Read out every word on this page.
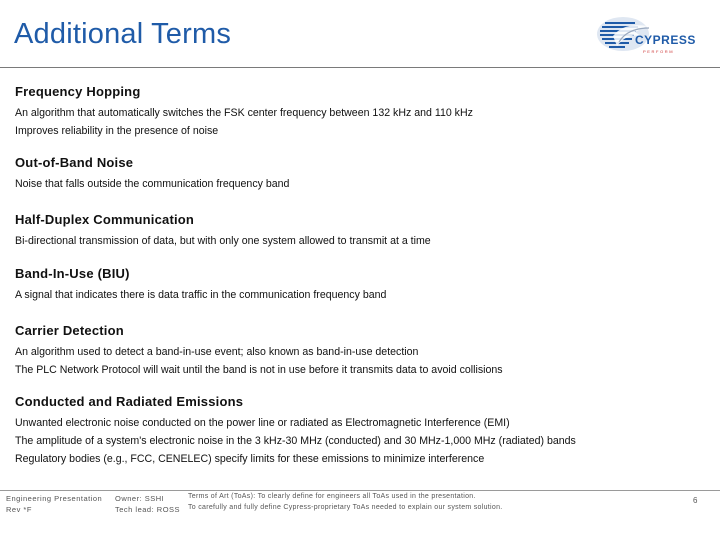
Additional Terms	CYPRESS
PERFORM
Frequency Hopping
An algorithm that automatically switches the FSK center frequency between 132 kHz and 110 kHz
Improves reliability in the presence of noise
Out-of-Band Noise
Noise that falls outside the communication frequency band
Half-Duplex Communication
Bi-directional transmission of data, but with only one system allowed to transmit at a time
Band-In-Use (BIU)
A signal that indicates there is data traffic in the communication frequency band
Carrier Detection
An algorithm used to detect a band-in-use event; also known as band-in-use detection
The PLC Network Protocol will wait until the band is not in use before it transmits data to avoid collisions
Conducted and Radiated Emissions
Unwanted electronic noise conducted on the power line or radiated as Electromagnetic Interference (EMI)
The amplitude of a system's electronic noise in the 3 kHz-30 MHz (conducted) and 30 MHz-1,000 MHz (radiated) bands
Regulatory bodies (e.g., FCC, CENELEC) specify limits for these emissions to minimize interference
Engineering Presentation
Rev *F
Owner: SSHI
Tech lead: ROSS
Terms of Art (ToAs): To clearly define for engineers all ToAs used in the presentation.
To carefully and fully define Cypress-proprietary ToAs needed to explain our system solution.
6
